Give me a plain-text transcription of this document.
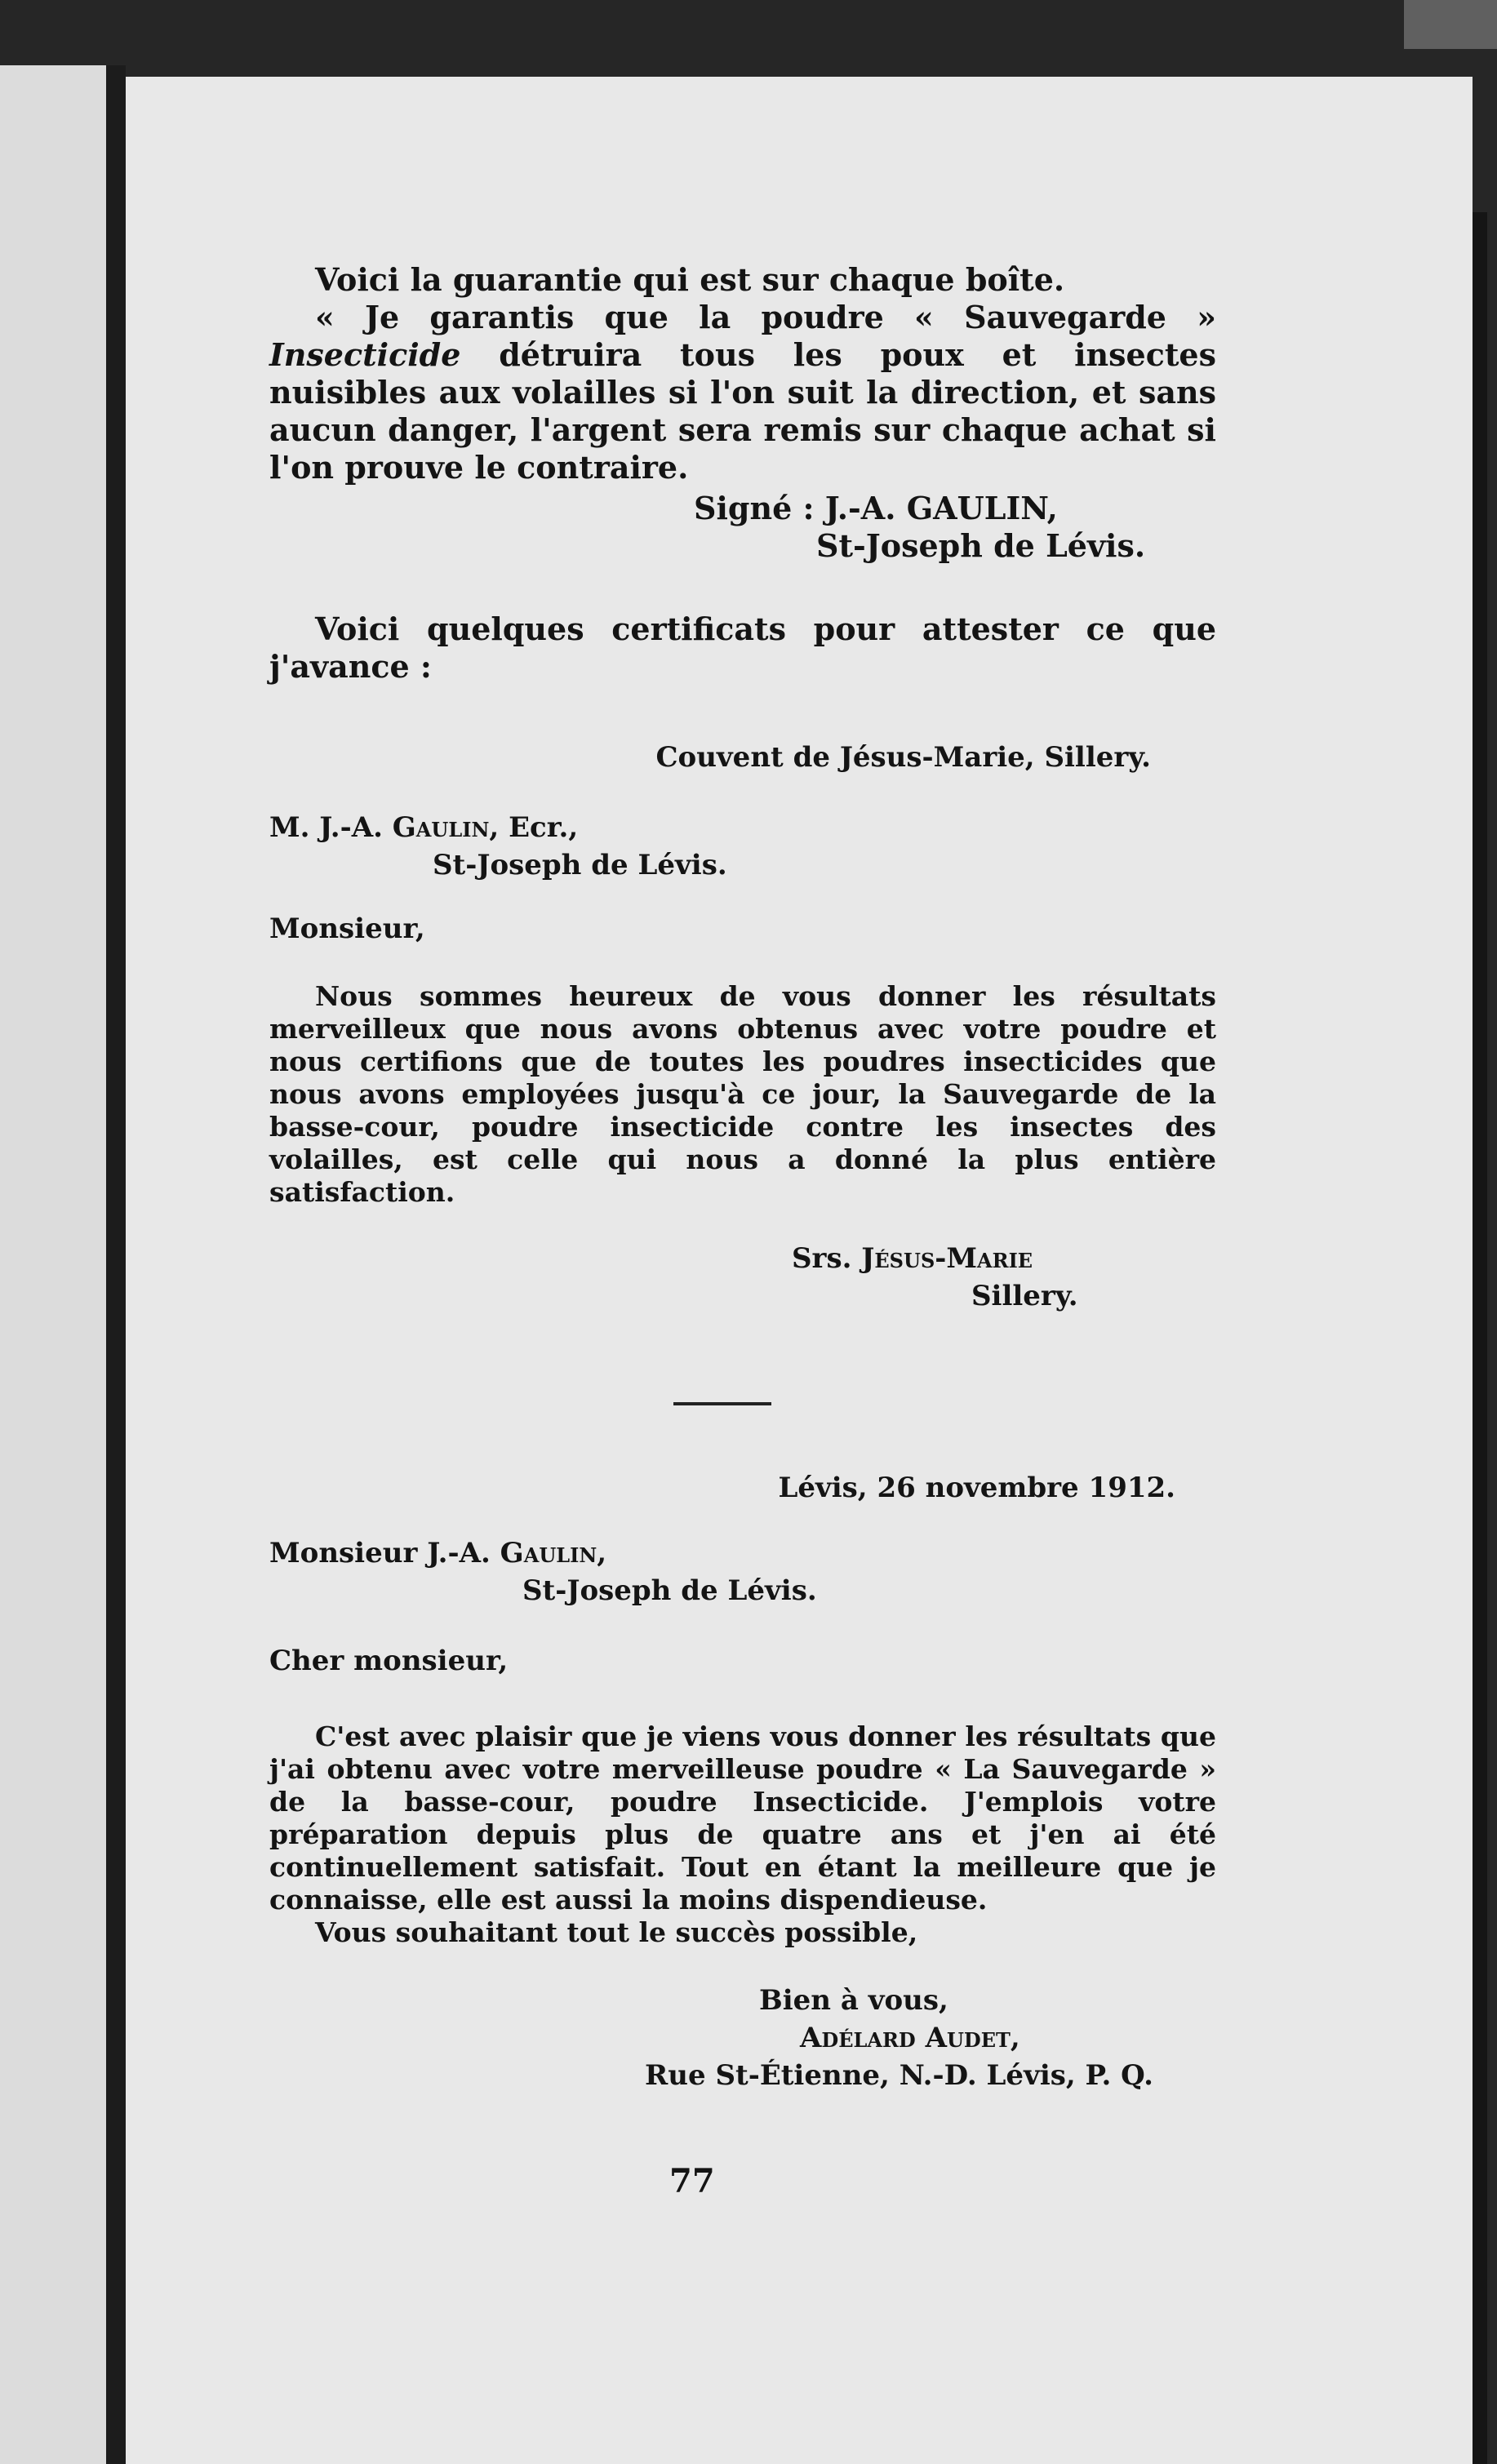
Voici la guarantie qui est sur chaque boîte.

« Je garantis que la poudre « Sauvegarde » Insecticide détruira tous les poux et insectes nuisibles aux volailles si l'on suit la direction, et sans aucun danger, l'argent sera remis sur chaque achat si l'on prouve le contraire.

Signé : J.-A. GAULIN,
St-Joseph de Lévis.

Voici quelques certificats pour attester ce que j'avance :

Couvent de Jésus-Marie, Sillery.
M. J.-A. Gaulin, Ecr.,
St-Joseph de Lévis.
Monsieur,

Nous sommes heureux de vous donner les résultats merveilleux que nous avons obtenus avec votre poudre et nous certifions que de toutes les poudres insecticides que nous avons employées jusqu'à ce jour, la Sauvegarde de la basse-cour, poudre insecticide contre les insectes des volailles, est celle qui nous a donné la plus entière satisfaction.

Srs. Jésus-Marie
Sillery.
Lévis, 26 novembre 1912.
Monsieur J.-A. Gaulin,
St-Joseph de Lévis.
Cher monsieur,

C'est avec plaisir que je viens vous donner les résultats que j'ai obtenu avec votre merveilleuse poudre « La Sauvegarde » de la basse-cour, poudre Insecticide. J'emplois votre préparation depuis plus de quatre ans et j'en ai été continuellement satisfait. Tout en étant la meilleure que je connaisse, elle est aussi la moins dispendieuse.

Vous souhaitant tout le succès possible,

Bien à vous,
Adélard Audet,
Rue St-Étienne, N.-D. Lévis, P. Q.
77
